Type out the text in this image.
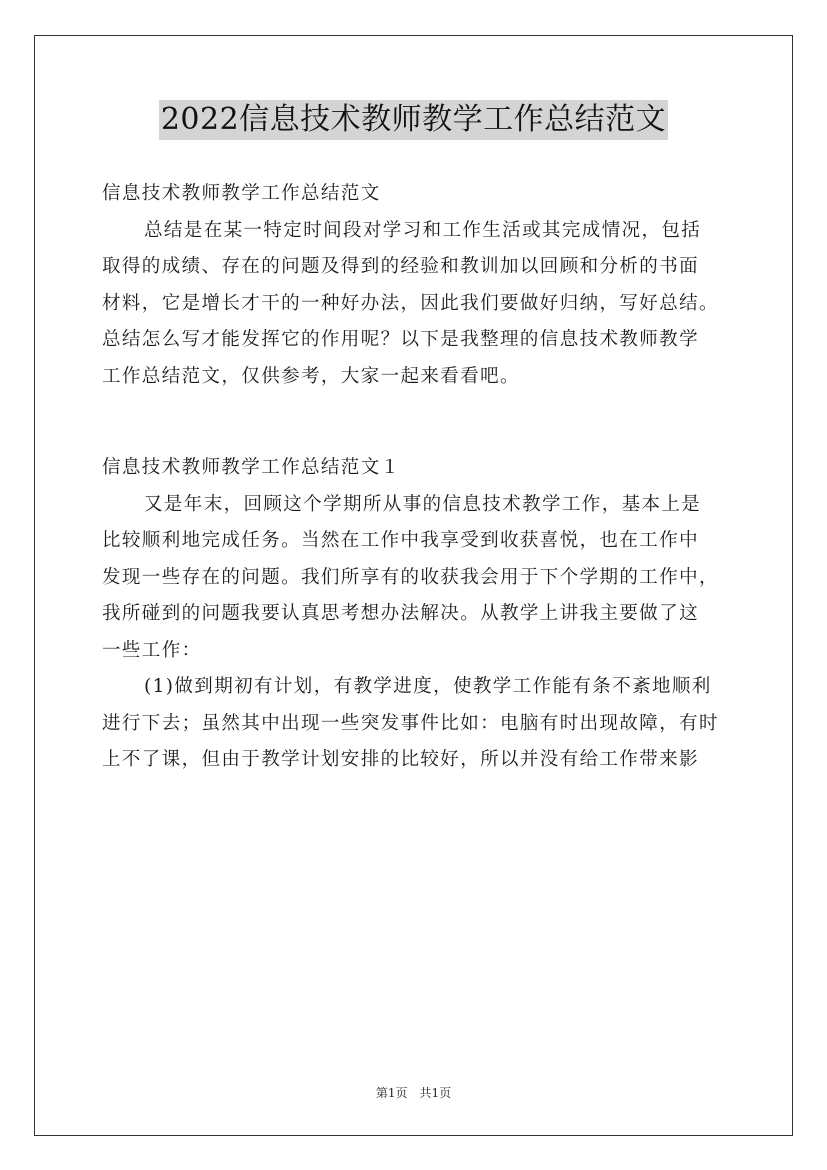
2022信息技术教师教学工作总结范文

信息技术教师教学工作总结范文

总结是在某一特定时间段对学习和工作生活或其完成情况，包括

取得的成绩、存在的问题及得到的经验和教训加以回顾和分析的书面

材料，它是增长才干的一种好办法，因此我们要做好归纳，写好总结。

总结怎么写才能发挥它的作用呢？以下是我整理的信息技术教师教学

工作总结范文，仅供参考，大家一起来看看吧。

信息技术教师教学工作总结范文１

又是年末，回顾这个学期所从事的信息技术教学工作，基本上是

比较顺利地完成任务。当然在工作中我享受到收获喜悦，也在工作中

发现一些存在的问题。我们所享有的收获我会用于下个学期的工作中，

我所碰到的问题我要认真思考想办法解决。从教学上讲我主要做了这

一些工作：

(1)做到期初有计划，有教学进度，使教学工作能有条不紊地顺利

进行下去；虽然其中出现一些突发事件比如：电脑有时出现故障，有时

上不了课，但由于教学计划安排的比较好，所以并没有给工作带来影

第1页　共1页
